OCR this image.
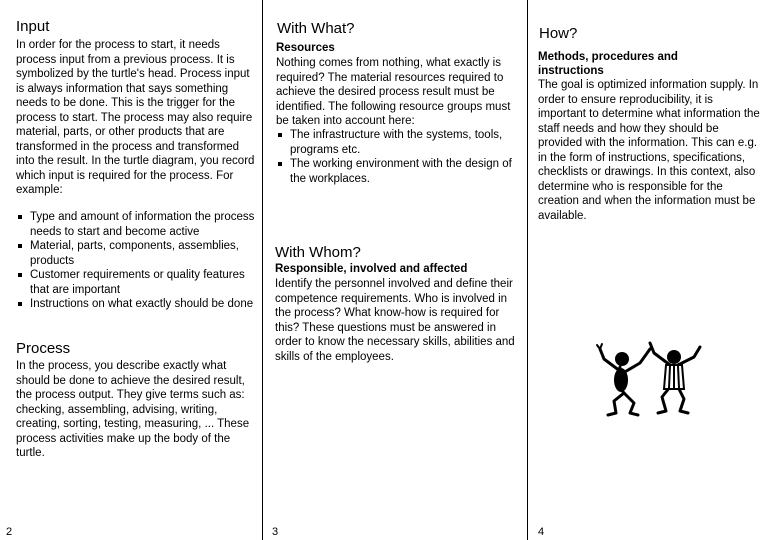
Input

In order for the process to start, it needs process input from a previous process. It is symbolized by the turtle's head. Process input is always information that says something needs to be done. This is the trigger for the process to start. The process may also require material, parts, or other products that are transformed in the process and transformed into the result. In the turtle diagram, you record which input is required for the process. For example:

Type and amount of information the process needs to start and become active
Material, parts, components, assemblies, products
Customer requirements or quality features that are important
Instructions on what exactly should be done
Process

In the process, you describe exactly what should be done to achieve the desired result, the process output. They give terms such as: checking, assembling, advising, writing, creating, sorting, testing, measuring, ... These process activities make up the body of the turtle.

2
With What?
Resources

Nothing comes from nothing, what exactly is required? The material resources required to achieve the desired process result must be identified. The following resource groups must be taken into account here:

The infrastructure with the systems, tools, programs etc.
The working environment with the design of the workplaces.
With Whom?
Responsible, involved and affected

Identify the personnel involved and define their competence requirements. Who is involved in the process? What know-how is required for this? These questions must be answered in order to know the necessary skills, abilities and skills of the employees.

3
How?
Methods, procedures and instructions

The goal is optimized information supply. In order to ensure reproducibility, it is important to determine what information the staff needs and how they should be provided with the information. This can e.g. in the form of instructions, specifications, checklists or drawings. In this context, also determine who is responsible for the creation and when the information must be available.

4
